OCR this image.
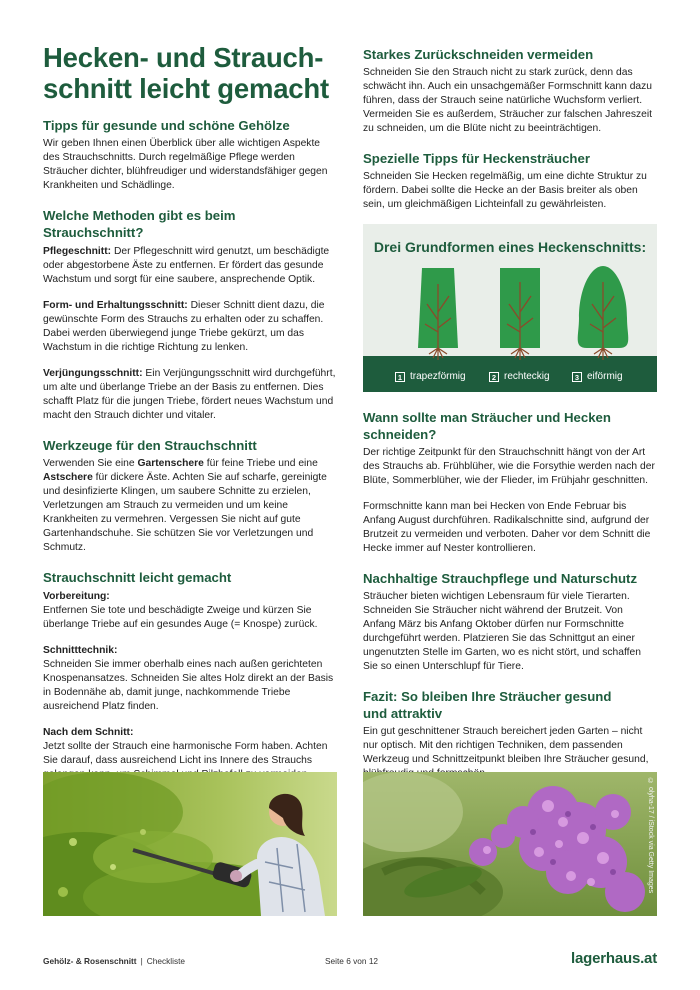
Hecken- und Strauch-
schnitt leicht gemacht
Tipps für gesunde und schöne Gehölze

Wir geben Ihnen einen Überblick über alle wichtigen Aspekte des Strauchschnitts. Durch regelmäßige Pflege werden Sträucher dichter, blühfreudiger und widerstandsfähiger gegen Krankheiten und Schädlinge.

Welche Methoden gibt es beim Strauchschnitt?

Pflegeschnitt: Der Pflegeschnitt wird genutzt, um beschädigte oder abgestorbene Äste zu entfernen. Er fördert das gesunde Wachstum und sorgt für eine saubere, ansprechende Optik.

Form- und Erhaltungsschnitt: Dieser Schnitt dient dazu, die gewünschte Form des Strauchs zu erhalten oder zu schaffen. Dabei werden überwiegend junge Triebe gekürzt, um das Wachstum in die richtige Richtung zu lenken.

Verjüngungsschnitt: Ein Verjüngungsschnitt wird durchgeführt, um alte und überlange Triebe an der Basis zu entfernen. Dies schafft Platz für die jungen Triebe, fördert neues Wachstum und macht den Strauch dichter und vitaler.

Werkzeuge für den Strauchschnitt

Verwenden Sie eine Gartenschere für feine Triebe und eine Astschere für dickere Äste. Achten Sie auf scharfe, gereinigte und desinfizierte Klingen, um saubere Schnitte zu erzielen, Verletzungen am Strauch zu vermeiden und um keine Krankheiten zu vermehren. Vergessen Sie nicht auf gute Gartenhandschuhe. Sie schützen Sie vor Verletzungen und Schmutz.

Strauchschnitt leicht gemacht

Vorbereitung:

Entfernen Sie tote und beschädigte Zweige und kürzen Sie überlange Triebe auf ein gesundes Auge (= Knospe) zurück.

Schnitttechnik:

Schneiden Sie immer oberhalb eines nach außen gerichteten Knospenansatzes. Schneiden Sie altes Holz direkt an der Basis in Bodennähe ab, damit junge, nachkommende Triebe ausreichend Platz finden.

Nach dem Schnitt:

Jetzt sollte der Strauch eine harmonische Form haben. Achten Sie darauf, dass ausreichend Licht ins Innere des Strauchs

Starkes Zurückschneiden vermeiden

Schneiden Sie den Strauch nicht zu stark zurück, denn das schwächt ihn. Auch ein unsachgemäßer Formschnitt kann dazu führen, dass der Strauch seine natürliche Wuchsform verliert. Vermeiden Sie es außerdem, Sträucher zur falschen Jahreszeit zu schneiden, um die Blüte nicht zu beeinträchtigen.

Spezielle Tipps für Heckensträucher

Schneiden Sie Hecken regelmäßig, um eine dichte Struktur zu fördern. Dabei sollte die Hecke an der Basis breiter als oben sein, um gleichmäßigen Lichteinfall zu gewährleisten.

Drei Grundformen eines Heckenschnitts:
1 trapezförmig	2 rechteckig	3 eiförmig
Wann sollte man Sträucher und Hecken schneiden?

Der richtige Zeitpunkt für den Strauchschnitt hängt von der Art des Strauchs ab. Frühblüher, wie die Forsythie werden nach der Blüte, Sommerblüher, wie der Flieder, im Frühjahr geschnitten.

Formschnitte kann man bei Hecken von Ende Februar bis Anfang August durchführen. Radikalschnitte sind, aufgrund der Brutzeit zu vermeiden und verboten. Daher vor dem Schnitt die Hecke immer auf Nester kontrollieren.

Nachhaltige Strauchpflege und Naturschutz

Sträucher bieten wichtigen Lebensraum für viele Tierarten. Schneiden Sie Sträucher nicht während der Brutzeit. Von Anfang März bis Anfang Oktober dürfen nur Formschnitte durchgeführt werden. Platzieren Sie das Schnittgut an einer ungenutzten Stelle im Garten, wo es nicht stört, und schaffen Sie so einen Unterschlupf für Tiere.

Fazit: So bleiben Ihre Sträucher gesund
und attraktiv

Ein gut geschnittener Strauch bereichert jeden Garten – nicht nur optisch. Mit den richtigen Techniken, dem passenden Werkzeug und Schnittzeitpunkt bleiben Ihre Sträucher gesund,

© olyha-17 / iStock via Getty Images
Gehölz- & Rosenschnitt | Checkliste	Seite 6 von 12	lagerhaus.at
